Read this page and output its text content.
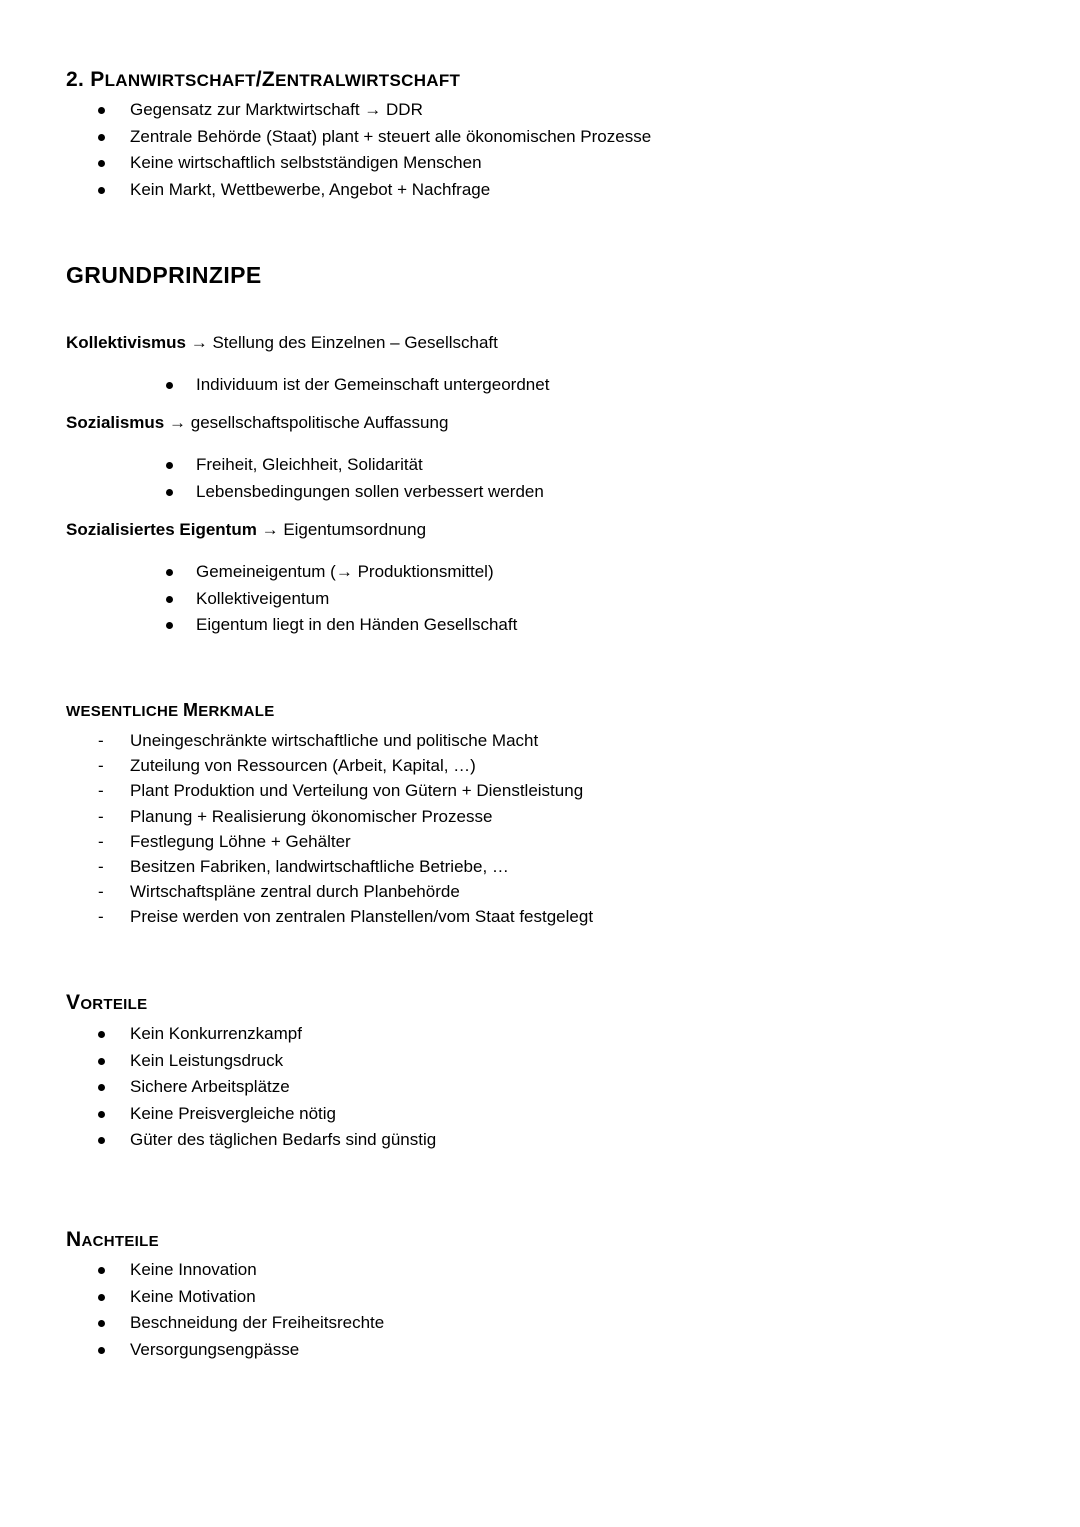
2. PLANWIRTSCHAFT/ZENTRALWIRTSCHAFT
Gegensatz zur Marktwirtschaft → DDR
Zentrale Behörde (Staat) plant + steuert alle ökonomischen Prozesse
Keine wirtschaftlich selbstständigen Menschen
Kein Markt, Wettbewerbe, Angebot + Nachfrage
GRUNDPRINZIPE
Kollektivismus → Stellung des Einzelnen – Gesellschaft
Individuum ist der Gemeinschaft untergeordnet
Sozialismus → gesellschaftspolitische Auffassung
Freiheit, Gleichheit, Solidarität
Lebensbedingungen sollen verbessert werden
Sozialisiertes Eigentum → Eigentumsordnung
Gemeineigentum (→ Produktionsmittel)
Kollektiveigentum
Eigentum liegt in den Händen Gesellschaft
WESENTLICHE MERKMALE
- Uneingeschränkte wirtschaftliche und politische Macht
- Zuteilung von Ressourcen (Arbeit, Kapital, …)
- Plant Produktion und Verteilung von Gütern + Dienstleistung
- Planung + Realisierung ökonomischer Prozesse
- Festlegung Löhne + Gehälter
- Besitzen Fabriken, landwirtschaftliche Betriebe, …
- Wirtschaftspläne zentral durch Planbehörde
- Preise werden von zentralen Planstellen/vom Staat festgelegt
VORTEILE
Kein Konkurrenzkampf
Kein Leistungsdruck
Sichere Arbeitsplätze
Keine Preisvergleiche nötig
Güter des täglichen Bedarfs sind günstig
NACHTEILE
Keine Innovation
Keine Motivation
Beschneidung der Freiheitsrechte
Versorgungsengpässe
